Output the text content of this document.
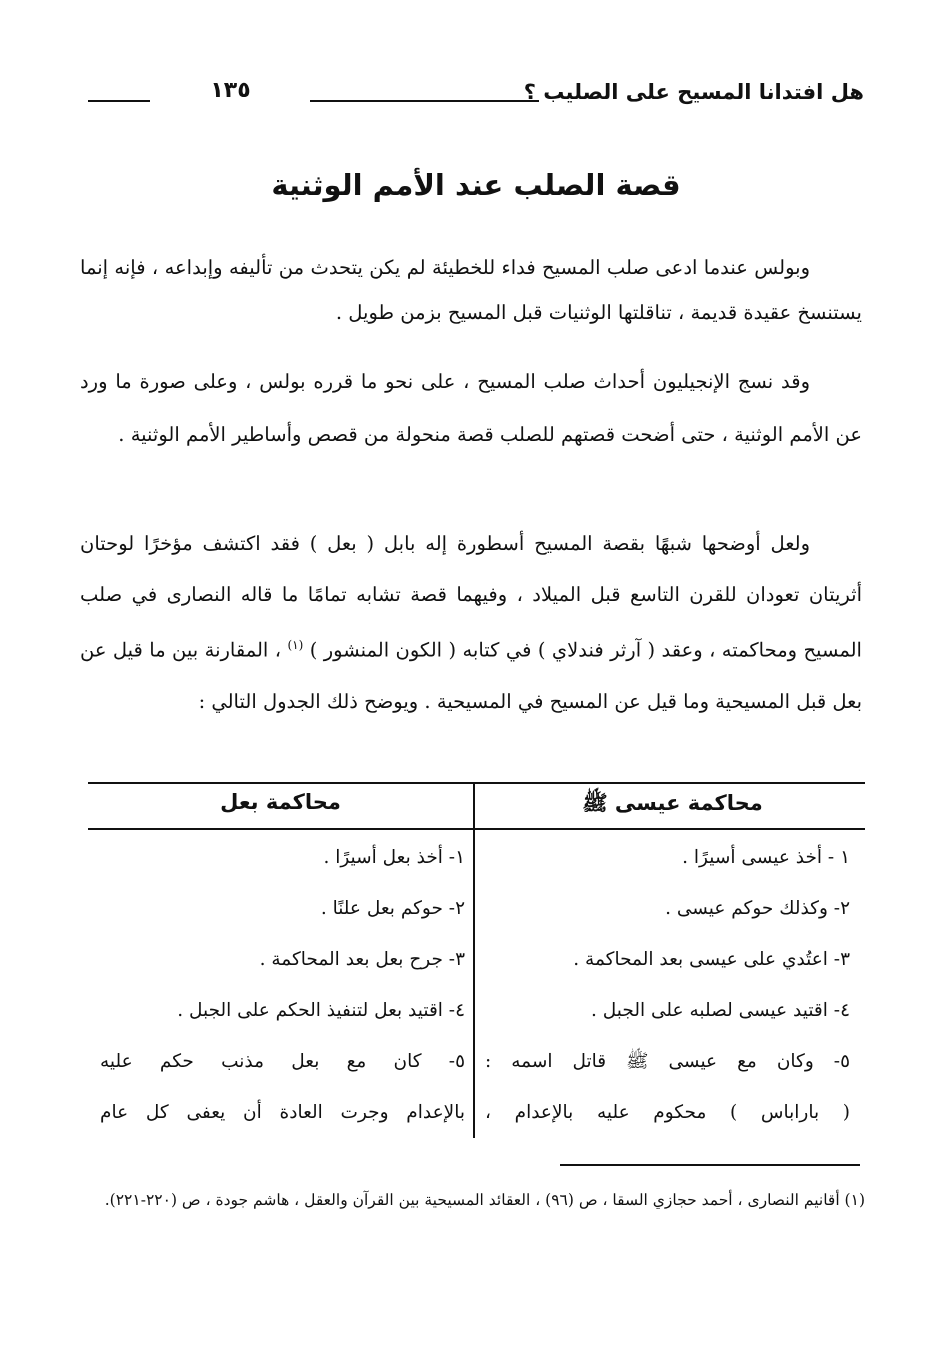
هل افتدانا المسيح على الصليب ؟
١٣٥
قصة الصلب عند الأمم الوثنية
وبولس عندما ادعى صلب المسيح فداء للخطيئة لم يكن يتحدث من تأليفه وإبداعه ، فإنه إنما يستنسخ عقيدة قديمة ، تناقلتها الوثنيات قبل المسيح بزمن طويل .
وقد نسج الإنجيليون أحداث صلب المسيح ، على نحو ما قرره بولس ، وعلى صورة ما ورد عن الأمم الوثنية ، حتى أضحت قصتهم للصلب قصة منحولة من قصص وأساطير الأمم الوثنية .
ولعل أوضحها شبهًا بقصة المسيح أسطورة إله بابل ( بعل ) فقد اكتشف مؤخرًا لوحتان أثريتان تعودان للقرن التاسع قبل الميلاد ، وفيهما قصة تشابه تمامًا ما قاله النصارى في صلب المسيح ومحاكمته ، وعقد ( آرثر فندلاي ) في كتابه ( الكون المنشور ) $^{(١)}$ ، المقارنة بين ما قيل عن بعل قبل المسيحية وما قيل عن المسيح في المسيحية . ويوضح ذلك الجدول التالي :
محاكمة عيسى ﷺ
محاكمة بعل
١ - أخذ عيسى أسيرًا .
٢- وكذلك حوكم عيسى .
٣- اعتُدي على عيسى بعد المحاكمة .
٤- اقتيد عيسى لصلبه على الجبل .
٥- وكان مع عيسى ﷺ قاتل اسمه :
( باراباس ) محكوم عليه بالإعدام ،
١- أخذ بعل أسيرًا .
٢- حوكم بعل علنًا .
٣- جرح بعل بعد المحاكمة .
٤- اقتيد بعل لتنفيذ الحكم على الجبل .
٥- كان مع بعل مذنب حكم عليه
بالإعدام وجرت العادة أن يعفى كل عام
(١) أقانيم النصارى ، أحمد حجازي السقا ، ص (٩٦) ، العقائد المسيحية بين القرآن والعقل ، هاشم جودة ، ص (٢٢٠-٢٢١).
